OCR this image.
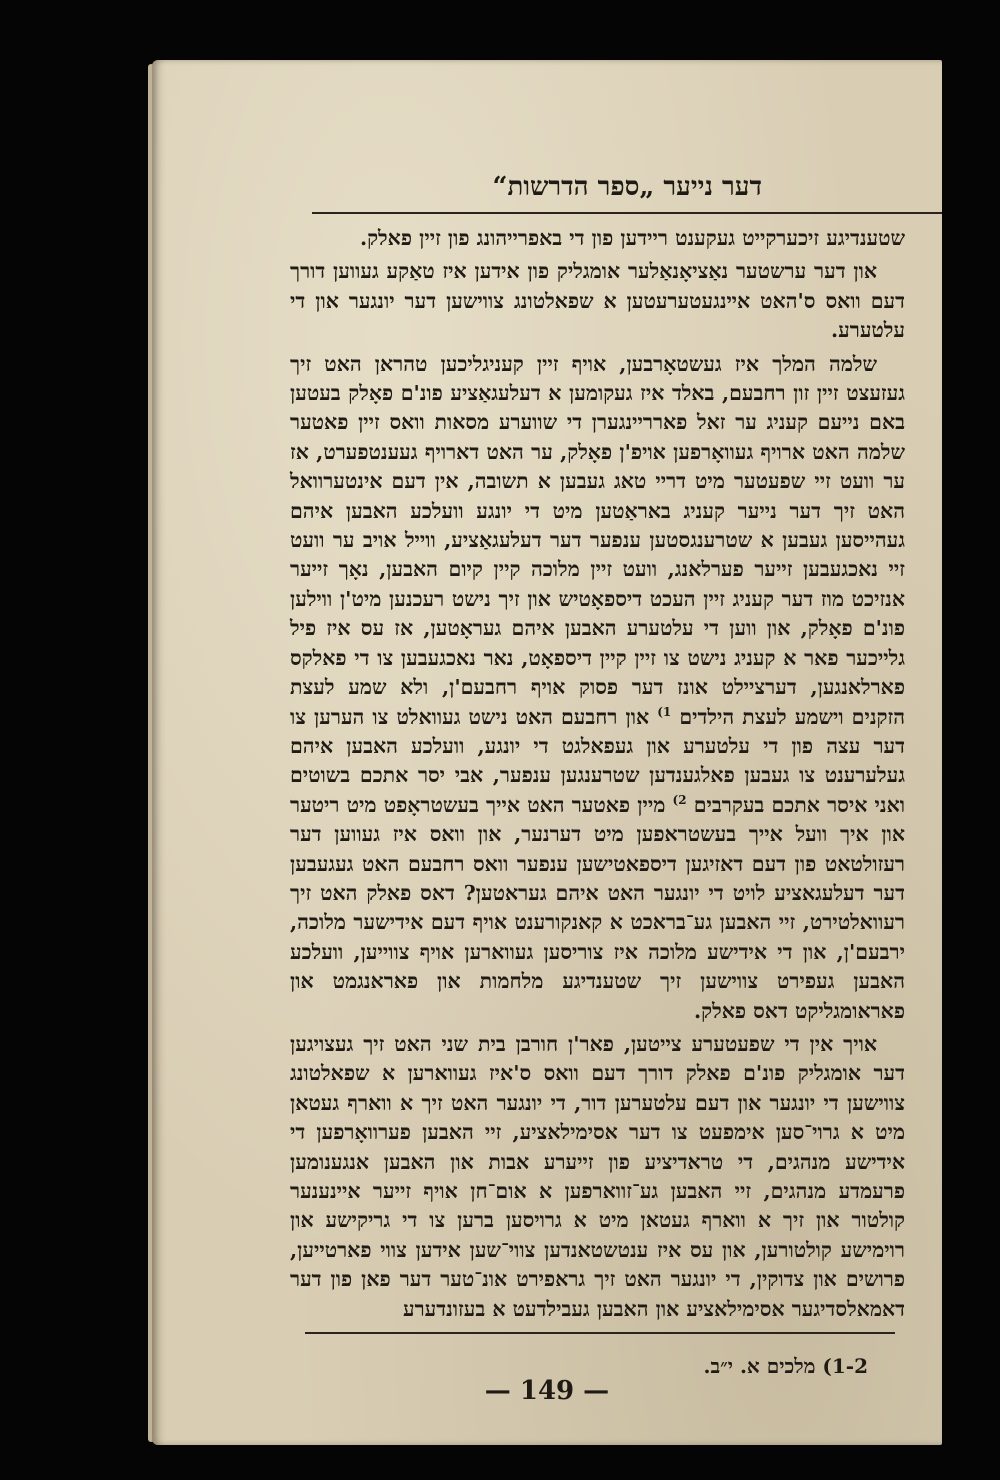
דער נייער „ספר הדרשות“

שטענדיגע זיכערקייט געקענט ריידען פון די באפרייהונג פון זיין פאלק.

און דער ערשטער נאַציאָנאַלער אומגליק פון אידען איז טאַקע געווען דורך דעם וואס ס'האט אײנגעטערעטען א שפאלטונג צווישען דער יונגער און די עלטערע.

שלמה המלך איז געשטאָרבען, אויף זיין קעניגליכען טהראן האט זיך געזעצט זיין זון רחבעם, באלד איז געקומען א דעלעגאַציע פונ'ם פאָלק בעטען באם נייעם קעניג ער זאל פארריינגערן די שווערע מסאות וואס זיין פאטער שלמה האט ארויף געוואָרפען אויפ'ן פאָלק, ער האט דארויף געענטפערט, אז ער וועט זיי שפעטער מיט דריי טאג געבען א תשובה, אין דעם אינטערוואל האט זיך דער נייער קעניג באראַטען מיט די יונגע וועלכע האבען איהם געהייסען געבען א שטרענגסטען ענפער דער דעלעגאַציע, ווייל אויב ער וועט זיי נאכגעבען זייער פערלאנג, וועט זיין מלוכה קיין קיום האבען, נאָך זייער אנזיכט מוז דער קעניג זיין העכט דיספאָטיש און זיך נישט רעכנען מיט'ן ווילען פונ'ם פאָלק, און ווען די עלטערע האבען איהם געראָטען, אז עס איז פיל גלייכער פאר א קעניג נישט צו זיין קיין דיספאָט, נאר נאכגעבען צו די פאלקס פארלאנגען, דערציילט אונז דער פסוק אויף רחבעם'ן, ולא שמע לעצת הזקנים וישמע לעצת הילדים $^{1)}$ און רחבעם האט נישט געוואלט צו הערען צו דער עצה פון די עלטערע און געפאלגט די יונגע, וועלכע האבען איהם געלערענט צו געבען פאלגענדען שטרענגען ענפער, אבי יסר אתכם בשוטים ואני איסר אתכם בעקרבים $^{2)}$ מיין פאטער האט אייך בעשטראָפט מיט ריטער און איך וועל אייך בעשטראפען מיט דערנער, און וואס איז געווען דער רעזולטאט פון דעם דאזיגען דיספאטישען ענפער וואס רחבעם האט געגעבען דער דעלעגאציע לויט די יונגער האט איהם געראטען? דאס פאלק האט זיך רעוואלטירט, זיי האבען גע־בראכט א קאנקורענט אויף דעם אידישער מלוכה, ירבעם'ן, און די אידישע מלוכה איז צוריסען געווארען אויף צווייען, וועלכע האבען געפירט צווישען זיך שטענדיגע מלחמות און פאראנגמט און פאראומגליקט דאס פאלק.

אויך אין די שפעטערע צייטען, פאר'ן חורבן בית שני האט זיך געצויגען דער אומגליק פונ'ם פאלק דורך דעם וואס ס'איז געווארען א שפאלטונג צווישען די יונגער און דעם עלטערען דור, די יונגער האט זיך א ווארף געטאן מיט א גרוי־סען אימפעט צו דער אסימילאציע, זיי האבען פערוואָרפען די אידישע מנהגים, די טראדיציע פון זייערע אבות און האבען אנגענומען פרעמדע מנהגים, זיי האבען גע־זווארפען א אום־חן אויף זייער איינענער קולטור און זיך א ווארף געטאן מיט א גרויסען ברען צו די גריקישע און רוימישע קולטורען, און עס איז ענטשטאנדען צווי־שען אידען צווי פארטייען, פרושים און צדוקין, די יונגער האט זיך גראפירט אונ־טער דער פאן פון דער דאמאלסדיגער אסימילאציע און האבען געבילדעט א בעזונדערע

1-2) מלכים א. י״ב.
— 149 —
